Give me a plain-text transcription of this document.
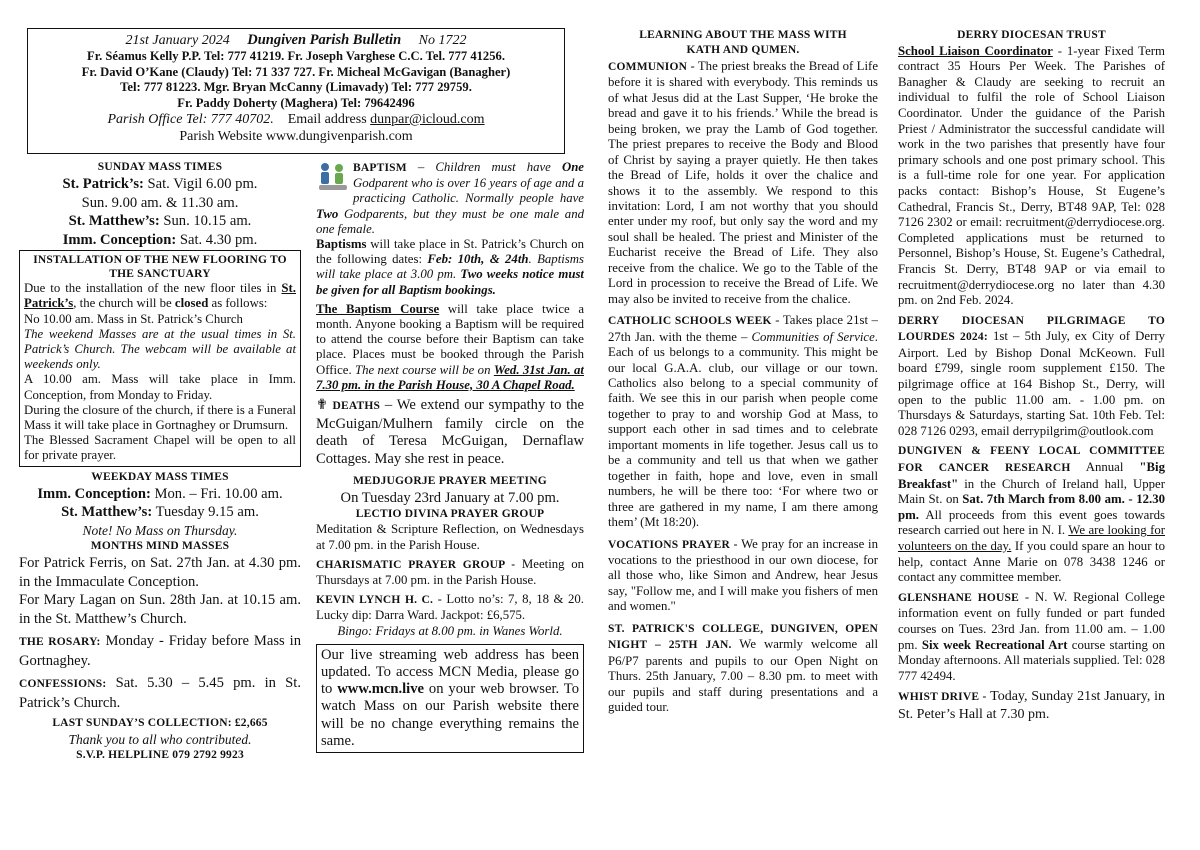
21st January 2024 Dungiven Parish Bulletin No 1722

Fr. Séamus Kelly P.P. Tel: 777 41219. Fr. Joseph Varghese C.C. Tel. 777 41256.

Fr. David O’Kane (Claudy) Tel: 71 337 727. Fr. Micheal McGavigan (Banagher)

Tel: 777 81223. Mgr. Bryan McCanny (Limavady) Tel: 777 29759.

Fr. Paddy Doherty (Maghera) Tel: 79642496

Parish Office Tel: 777 40702. Email address dunpar@icloud.com

Parish Website www.dungivenparish.com

SUNDAY MASS TIMES

St. Patrick’s: Sat. Vigil 6.00 pm.

Sun. 9.00 am. & 11.30 am.

St. Matthew’s: Sun. 10.15 am.

Imm. Conception: Sat. 4.30 pm.

INSTALLATION OF THE NEW FLOORING TO THE SANCTUARY

Due to the installation of the new floor tiles in St. Patrick’s, the church will be closed as follows:

No 10.00 am. Mass in St. Patrick’s Church

The weekend Masses are at the usual times in St. Patrick’s Church. The webcam will be available at weekends only.

A 10.00 am. Mass will take place in Imm. Conception, from Monday to Friday.

During the closure of the church, if there is a Funeral Mass it will take place in Gortnaghey or Drumsurn.

The Blessed Sacrament Chapel will be open to all for private prayer.

WEEKDAY MASS TIMES

Imm. Conception: Mon. – Fri. 10.00 am.

St. Matthew’s: Tuesday 9.15 am.

Note! No Mass on Thursday.

MONTHS MIND MASSES

For Patrick Ferris, on Sat. 27th Jan. at 4.30 pm. in the Immaculate Conception.

For Mary Lagan on Sun. 28th Jan. at 10.15 am. in the St. Matthew’s Church.

THE ROSARY: Monday - Friday before Mass in Gortnaghey.

CONFESSIONS: Sat. 5.30 – 5.45 pm. in St. Patrick’s Church.

LAST SUNDAY’S COLLECTION: £2,665

Thank you to all who contributed.

S.V.P. HELPLINE 079 2792 9923

BAPTISM – Children must have One Godparent who is over 16 years of age and a practicing Catholic. Normally people have Two Godparents, but they must be one male and one female.

Baptisms will take place in St. Patrick’s Church on the following dates: Feb: 10th, & 24th. Baptisms will take place at 3.00 pm. Two weeks notice must be given for all Baptism bookings.

The Baptism Course will take place twice a month. Anyone booking a Baptism will be required to attend the course before their Baptism can take place. Places must be booked through the Parish Office. The next course will be on Wed. 31st Jan. at 7.30 pm. in the Parish House, 30 A Chapel Road.

✟ DEATHS – We extend our sympathy to the McGuigan/Mulhern family circle on the death of Teresa McGuigan, Dernaflaw Cottages. May she rest in peace.

MEDJUGORJE PRAYER MEETING

On Tuesday 23rd January at 7.00 pm.

LECTIO DIVINA PRAYER GROUP

Meditation & Scripture Reflection, on Wednesdays at 7.00 pm. in the Parish House.

CHARISMATIC PRAYER GROUP - Meeting on Thursdays at 7.00 pm. in the Parish House.

KEVIN LYNCH H. C. - Lotto no’s: 7, 8, 18 & 20. Lucky dip: Darra Ward. Jackpot: £6,575.

Bingo: Fridays at 8.00 pm. in Wanes World.

Our live streaming web address has been updated. To access MCN Media, please go to www.mcn.live on your web browser. To watch Mass on our Parish website there will be no change everything remains the same.

LEARNING ABOUT THE MASS WITH

KATH AND QUMEN.

COMMUNION - The priest breaks the Bread of Life before it is shared with everybody. This reminds us of what Jesus did at the Last Supper, ‘He broke the bread and gave it to his friends.’ While the bread is being broken, we pray the Lamb of God together. The priest prepares to receive the Body and Blood of Christ by saying a prayer quietly. He then takes the Bread of Life, holds it over the chalice and shows it to the assembly. We respond to this invitation: Lord, I am not worthy that you should enter under my roof, but only say the word and my soul shall be healed. The priest and Minister of the Eucharist receive the Bread of Life. They also receive from the chalice. We go to the Table of the Lord in procession to receive the Bread of Life. We may also be invited to receive from the chalice.

CATHOLIC SCHOOLS WEEK - Takes place 21st – 27th Jan. with the theme – Communities of Service. Each of us belongs to a community. This might be our local G.A.A. club, our village or our town. Catholics also belong to a special community of faith. We see this in our parish when people come together to pray to and worship God at Mass, to support each other in sad times and to celebrate important moments in life together. Jesus call us to be a community and tell us that when we gather together in faith, hope and love, even in small numbers, he will be there too: ‘For where two or three are gathered in my name, I am there among them’ (Mt 18:20).

VOCATIONS PRAYER - We pray for an increase in vocations to the priesthood in our own diocese, for all those who, like Simon and Andrew, hear Jesus say, "Follow me, and I will make you fishers of men and women."

ST. PATRICK'S COLLEGE, DUNGIVEN, OPEN NIGHT – 25TH JAN. We warmly welcome all P6/P7 parents and pupils to our Open Night on Thurs. 25th January, 7.00 – 8.30 pm. to meet with our pupils and staff during presentations and a guided tour.

DERRY DIOCESAN TRUST

School Liaison Coordinator - 1-year Fixed Term contract 35 Hours Per Week. The Parishes of Banagher & Claudy are seeking to recruit an individual to fulfil the role of School Liaison Coordinator. Under the guidance of the Parish Priest / Administrator the successful candidate will work in the two parishes that presently have four primary schools and one post primary school. This is a full-time role for one year. For application packs contact: Bishop’s House, St Eugene’s Cathedral, Francis St., Derry, BT48 9AP, Tel: 028 7126 2302 or email: recruitment@derrydiocese.org. Completed applications must be returned to Personnel, Bishop’s House, St. Eugene’s Cathedral, Francis St. Derry, BT48 9AP or via email to recruitment@derrydiocese.org no later than 4.30 pm. on 2nd Feb. 2024.

DERRY DIOCESAN PILGRIMAGE TO LOURDES 2024: 1st – 5th July, ex City of Derry Airport. Led by Bishop Donal McKeown. Full board £799, single room supplement £150. The pilgrimage office at 164 Bishop St., Derry, will open to the public 11.00 am. - 1.00 pm. on Thursdays & Saturdays, starting Sat. 10th Feb. Tel: 028 7126 0293, email derrypilgrim@outlook.com

DUNGIVEN & FEENY LOCAL COMMITTEE FOR CANCER RESEARCH Annual "Big Breakfast" in the Church of Ireland hall, Upper Main St. on Sat. 7th March from 8.00 am. - 12.30 pm. All proceeds from this event goes towards research carried out here in N. I. We are looking for volunteers on the day. If you could spare an hour to help, contact Anne Marie on 078 3438 1246 or contact any committee member.

GLENSHANE HOUSE - N. W. Regional College information event on fully funded or part funded courses on Tues. 23rd Jan. from 11.00 am. – 1.00 pm. Six week Recreational Art course starting on Monday afternoons. All materials supplied. Tel: 028 777 42494.

WHIST DRIVE - Today, Sunday 21st January, in St. Peter’s Hall at 7.30 pm.
